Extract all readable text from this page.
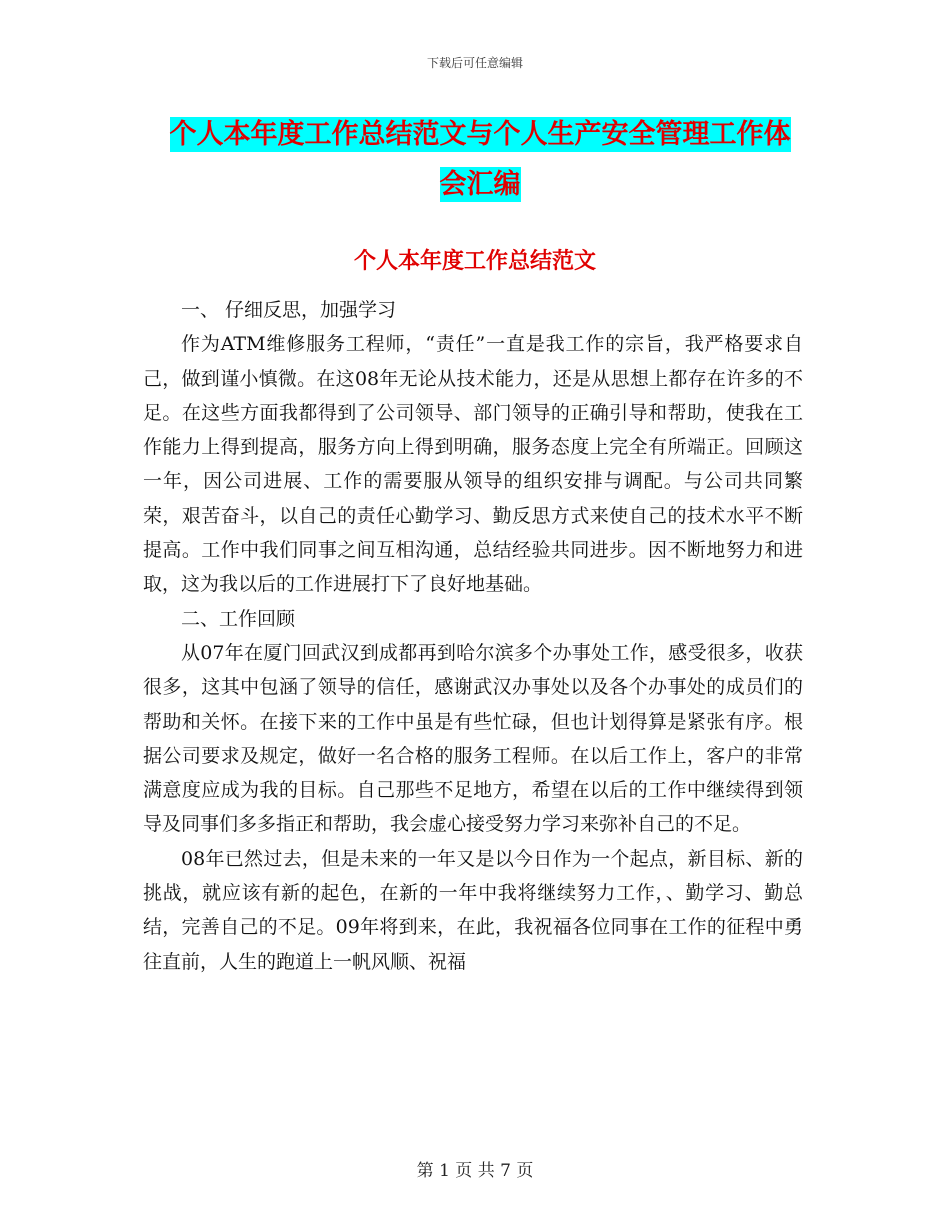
下载后可任意编辑
个人本年度工作总结范文与个人生产安全管理工作体
会汇编
个人本年度工作总结范文

一、 仔细反思，加强学习

作为ATM维修服务工程师，“责任”一直是我工作的宗旨，我严格要求自己，做到谨小慎微。在这08年无论从技术能力，还是从思想上都存在许多的不足。在这些方面我都得到了公司领导、部门领导的正确引导和帮助，使我在工作能力上得到提高，服务方向上得到明确，服务态度上完全有所端正。回顾这一年，因公司进展、工作的需要服从领导的组织安排与调配。与公司共同繁荣，艰苦奋斗，以自己的责任心勤学习、勤反思方式来使自己的技术水平不断提高。工作中我们同事之间互相沟通，总结经验共同进步。因不断地努力和进取，这为我以后的工作进展打下了良好地基础。

二、工作回顾

从07年在厦门回武汉到成都再到哈尔滨多个办事处工作，感受很多，收获很多，这其中包涵了领导的信任，感谢武汉办事处以及各个办事处的成员们的帮助和关怀。在接下来的工作中虽是有些忙碌，但也计划得算是紧张有序。根据公司要求及规定，做好一名合格的服务工程师。在以后工作上，客户的非常满意度应成为我的目标。自己那些不足地方，希望在以后的工作中继续得到领导及同事们多多指正和帮助，我会虚心接受努力学习来弥补自己的不足。

08年已然过去，但是未来的一年又是以今日作为一个起点，新目标、新的挑战，就应该有新的起色，在新的一年中我将继续努力工作，、勤学习、勤总结，完善自己的不足。09年将到来，在此，我祝福各位同事在工作的征程中勇往直前，人生的跑道上一帆风顺、祝福

第 1 页 共 7 页
